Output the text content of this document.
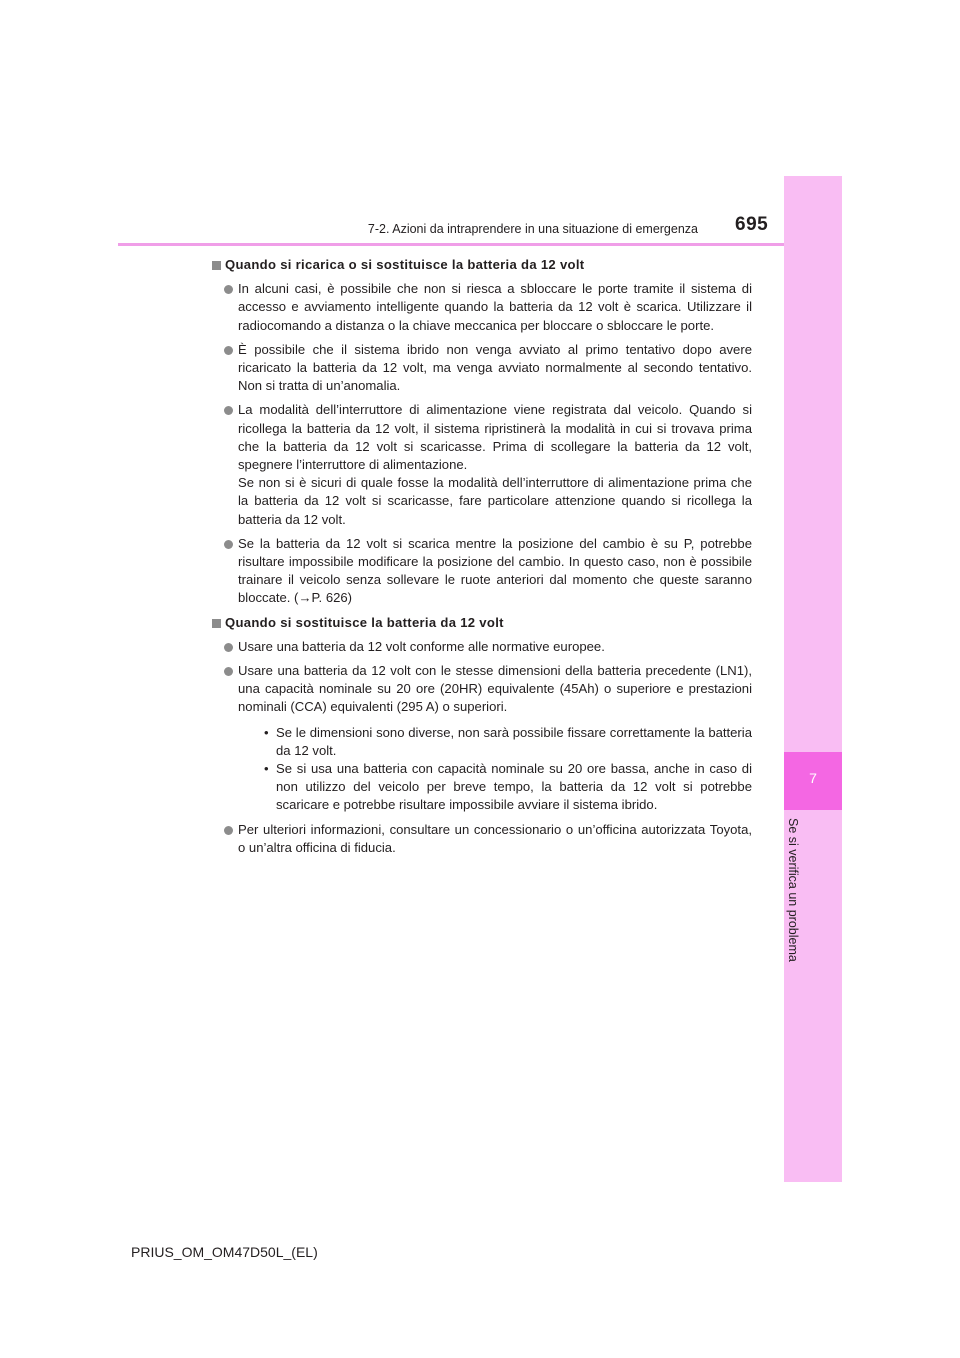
7
Se si verifica un problema
7-2. Azioni da intraprendere in una situazione di emergenza 695
Quando si ricarica o si sostituisce la batteria da 12 volt

In alcuni casi, è possibile che non si riesca a sbloccare le porte tramite il sistema di accesso e avviamento intelligente quando la batteria da 12 volt è scarica. Utilizzare il radiocomando a distanza o la chiave meccanica per bloccare o sbloccare le porte.

È possibile che il sistema ibrido non venga avviato al primo tentativo dopo avere ricaricato la batteria da 12 volt, ma venga avviato normalmente al secondo tentativo. Non si tratta di un’anomalia.

La modalità dell’interruttore di alimentazione viene registrata dal veicolo. Quando si ricollega la batteria da 12 volt, il sistema ripristinerà la modalità in cui si trovava prima che la batteria da 12 volt si scaricasse. Prima di scollegare la batteria da 12 volt, spegnere l’interruttore di alimentazione.

Se non si è sicuri di quale fosse la modalità dell’interruttore di alimentazione prima che la batteria da 12 volt si scaricasse, fare particolare attenzione quando si ricollega la batteria da 12 volt.

Se la batteria da 12 volt si scarica mentre la posizione del cambio è su P, potrebbe risultare impossibile modificare la posizione del cambio. In questo caso, non è possibile trainare il veicolo senza sollevare le ruote anteriori dal momento che queste saranno bloccate. (→P. 626)

Quando si sostituisce la batteria da 12 volt

Usare una batteria da 12 volt conforme alle normative europee.

Usare una batteria da 12 volt con le stesse dimensioni della batteria precedente (LN1), una capacità nominale su 20 ore (20HR) equivalente (45Ah) o superiore e prestazioni nominali (CCA) equivalenti (295 A) o superiori.

• Se le dimensioni sono diverse, non sarà possibile fissare correttamente la batteria da 12 volt.
• Se si usa una batteria con capacità nominale su 20 ore bassa, anche in caso di non utilizzo del veicolo per breve tempo, la batteria da 12 volt si potrebbe scaricare e potrebbe risultare impossibile avviare il sistema ibrido.

Per ulteriori informazioni, consultare un concessionario o un’officina autorizzata Toyota, o un’altra officina di fiducia.

PRIUS_OM_OM47D50L_(EL)
